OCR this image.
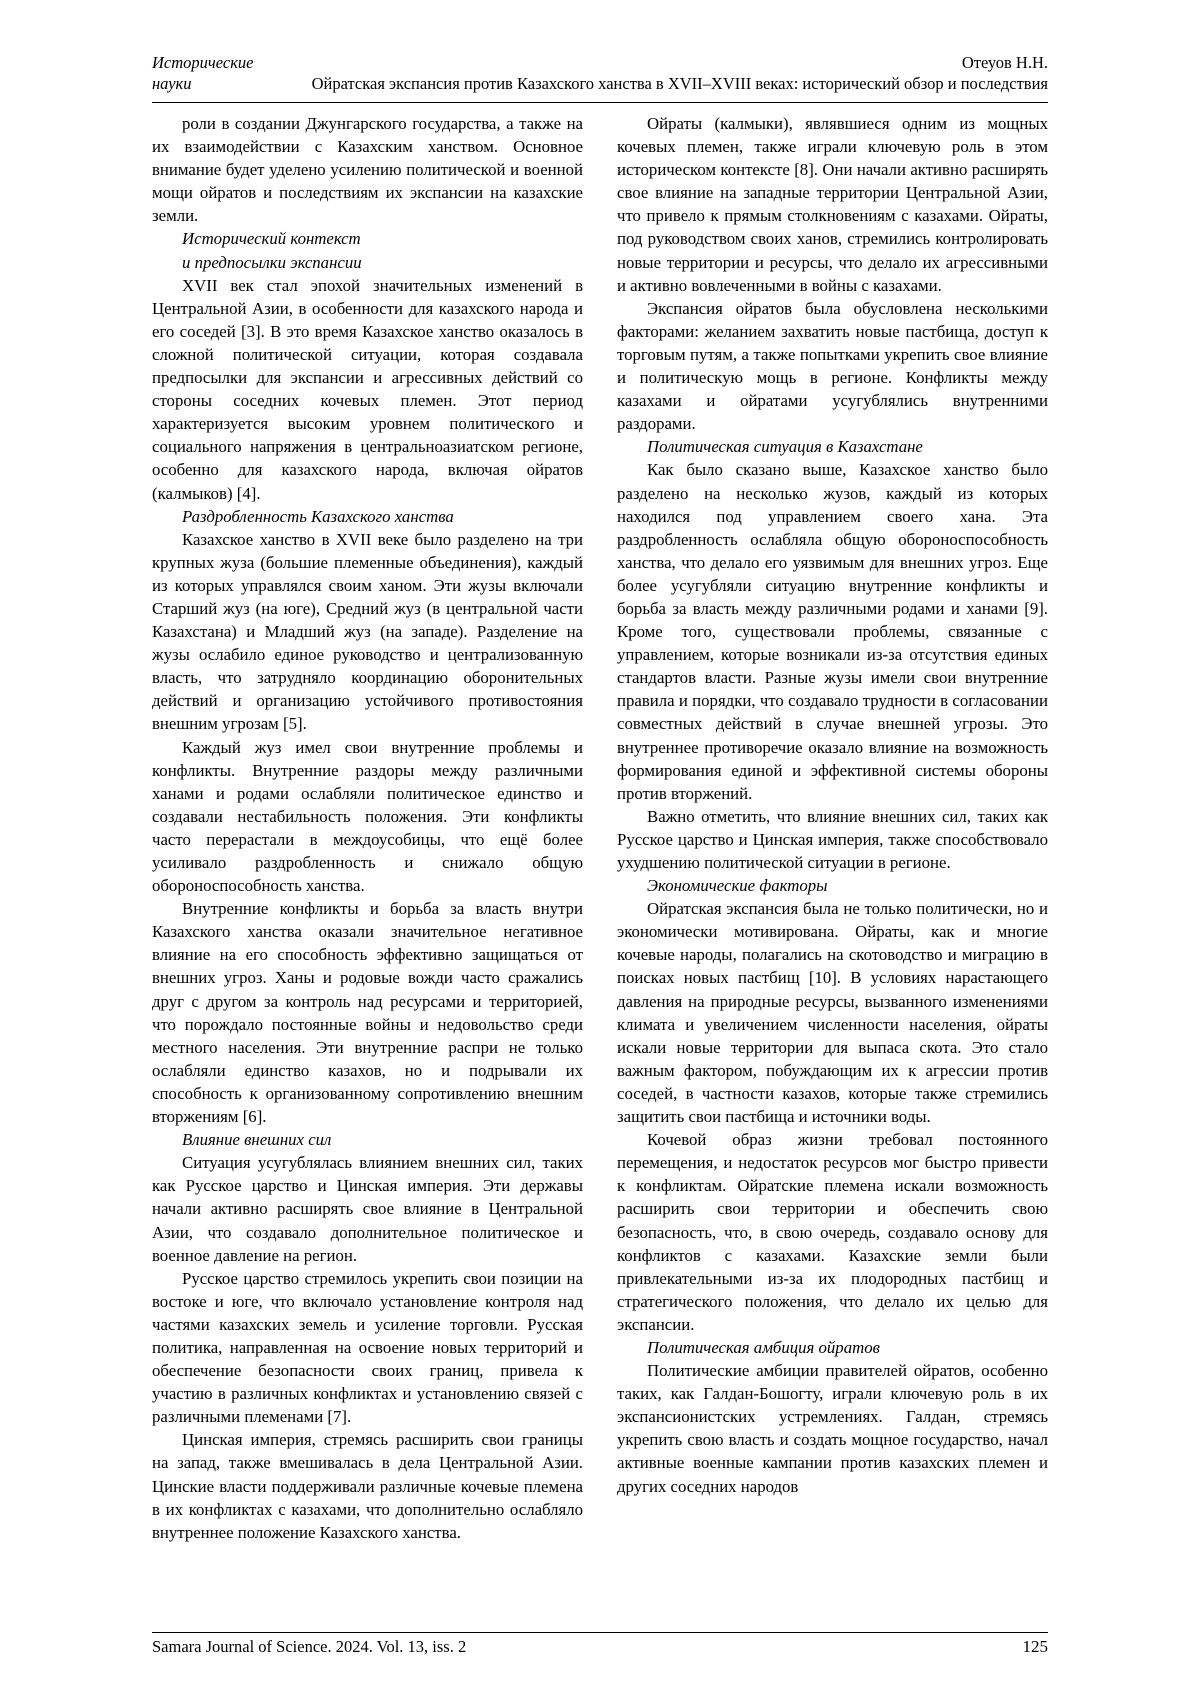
Исторические
науки
Отеуов Н.Н.
Ойратская экспансия против Казахского ханства в XVII–XVIII веках: исторический обзор и последствия

роли в создании Джунгарского государства, а также на их взаимодействии с Казахским ханством. Основное внимание будет уделено усилению политической и военной мощи ойратов и последствиям их экспансии на казахские земли.

Исторический контекст
и предпосылки экспансии

XVII век стал эпохой значительных изменений в Центральной Азии, в особенности для казахского народа и его соседей [3]. В это время Казахское ханство оказалось в сложной политической ситуации, которая создавала предпосылки для экспансии и агрессивных действий со стороны соседних кочевых племен. Этот период характеризуется высоким уровнем политического и социального напряжения в центральноазиатском регионе, особенно для казахского народа, включая ойратов (калмыков) [4].

Раздробленность Казахского ханства

Казахское ханство в XVII веке было разделено на три крупных жуза (большие племенные объединения), каждый из которых управлялся своим ханом. Эти жузы включали Старший жуз (на юге), Средний жуз (в центральной части Казахстана) и Младший жуз (на западе). Разделение на жузы ослабило единое руководство и централизованную власть, что затрудняло координацию оборонительных действий и организацию устойчивого противостояния внешним угрозам [5].

Каждый жуз имел свои внутренние проблемы и конфликты. Внутренние раздоры между различными ханами и родами ослабляли политическое единство и создавали нестабильность положения. Эти конфликты часто перерастали в междоусобицы, что ещё более усиливало раздробленность и снижало общую обороноспособность ханства.

Внутренние конфликты и борьба за власть внутри Казахского ханства оказали значительное негативное влияние на его способность эффективно защищаться от внешних угроз. Ханы и родовые вожди часто сражались друг с другом за контроль над ресурсами и территорией, что порождало постоянные войны и недовольство среди местного населения. Эти внутренние распри не только ослабляли единство казахов, но и подрывали их способность к организованному сопротивлению внешним вторжениям [6].

Влияние внешних сил

Ситуация усугублялась влиянием внешних сил, таких как Русское царство и Цинская империя. Эти державы начали активно расширять свое влияние в Центральной Азии, что создавало дополнительное политическое и военное давление на регион.

Русское царство стремилось укрепить свои позиции на востоке и юге, что включало установление контроля над частями казахских земель и усиление торговли. Русская политика, направленная на освоение новых территорий и обеспечение безопасности своих границ, привела к участию в различных конфликтах и установлению связей с различными племенами [7].

Цинская империя, стремясь расширить свои границы на запад, также вмешивалась в дела Центральной Азии. Цинские власти поддерживали различные кочевые племена в их конфликтах с казахами, что дополнительно ослабляло внутреннее положение Казахского ханства.

Ойраты (калмыки), являвшиеся одним из мощных кочевых племен, также играли ключевую роль в этом историческом контексте [8]. Они начали активно расширять свое влияние на западные территории Центральной Азии, что привело к прямым столкновениям с казахами. Ойраты, под руководством своих ханов, стремились контролировать новые территории и ресурсы, что делало их агрессивными и активно вовлеченными в войны с казахами.

Экспансия ойратов была обусловлена несколькими факторами: желанием захватить новые пастбища, доступ к торговым путям, а также попытками укрепить свое влияние и политическую мощь в регионе. Конфликты между казахами и ойратами усугублялись внутренними раздорами.

Политическая ситуация в Казахстане

Как было сказано выше, Казахское ханство было разделено на несколько жузов, каждый из которых находился под управлением своего хана. Эта раздробленность ослабляла общую обороноспособность ханства, что делало его уязвимым для внешних угроз. Еще более усугубляли ситуацию внутренние конфликты и борьба за власть между различными родами и ханами [9]. Кроме того, существовали проблемы, связанные с управлением, которые возникали из-за отсутствия единых стандартов власти. Разные жузы имели свои внутренние правила и порядки, что создавало трудности в согласовании совместных действий в случае внешней угрозы. Это внутреннее противоречие оказало влияние на возможность формирования единой и эффективной системы обороны против вторжений.

Важно отметить, что влияние внешних сил, таких как Русское царство и Цинская империя, также способствовало ухудшению политической ситуации в регионе.

Экономические факторы

Ойратская экспансия была не только политически, но и экономически мотивирована. Ойраты, как и многие кочевые народы, полагались на скотоводство и миграцию в поисках новых пастбищ [10]. В условиях нарастающего давления на природные ресурсы, вызванного изменениями климата и увеличением численности населения, ойраты искали новые территории для выпаса скота. Это стало важным фактором, побуждающим их к агрессии против соседей, в частности казахов, которые также стремились защитить свои пастбища и источники воды.

Кочевой образ жизни требовал постоянного перемещения, и недостаток ресурсов мог быстро привести к конфликтам. Ойратские племена искали возможность расширить свои территории и обеспечить свою безопасность, что, в свою очередь, создавало основу для конфликтов с казахами. Казахские земли были привлекательными из-за их плодородных пастбищ и стратегического положения, что делало их целью для экспансии.

Политическая амбиция ойратов

Политические амбиции правителей ойратов, особенно таких, как Галдан-Бошогту, играли ключевую роль в их экспансионистских устремлениях. Галдан, стремясь укрепить свою власть и создать мощное государство, начал активные военные кампании против казахских племен и других соседних народов

Samara Journal of Science. 2024. Vol. 13, iss. 2	125
